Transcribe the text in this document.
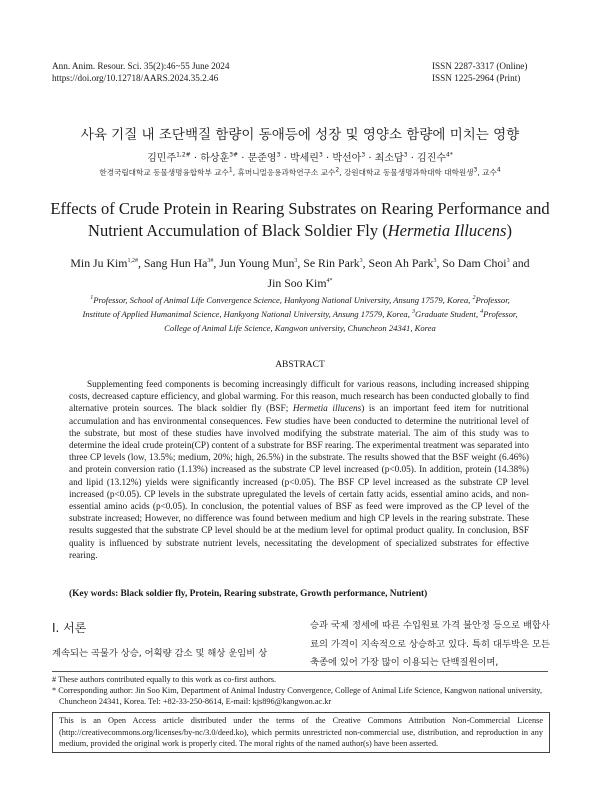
Ann. Anim. Resour. Sci. 35(2):46~55 June 2024
https://doi.org/10.12718/AARS.2024.35.2.46
ISSN 2287-3317 (Online)
ISSN 1225-2964 (Print)
사육 기질 내 조단백질 함량이 동애등에 성장 및 영양소 함량에 미치는 영향
김민주$^{1,2\#}$ · 하상훈$^{3\#}$ · 문준영$^3$ · 박세린$^3$ · 박선아$^3$ · 최소담$^3$ · 김진수$^{4*}$
한경국립대학교 동물생명융합학부 교수$^1$, 휴머니멀응용과학연구소 교수$^2$, 강원대학교 동물생명과학대학 대학원생$^3$, 교수$^4$
Effects of Crude Protein in Rearing Substrates on Rearing Performance and
Nutrient Accumulation of Black Soldier Fly (Hermetia Illucens)
Min Ju Kim$^{1,2\#}$, Sang Hun $Ha^{3\#}$, Jun Young Mun$^3$, Se Rin Park$^3$, Seon Ah Park$^3$, So Dam Choi$^3$ and
Jin Soo Kim$^{4*}$
$^1$Professor, School of Animal Life Convergence Science, Hankyong National University, Ansung 17579, Korea, $^2$Professor,
Institute of Applied Humanimal Science, Hankyong National University, Ansung 17579, Korea, $^3$Graduate Student, $^4$Professor,
College of Animal Life Science, Kangwon university, Chuncheon 24341, Korea
ABSTRACT

Supplementing feed components is becoming increasingly difficult for various reasons, including increased shipping costs, decreased capture efficiency, and global warming. For this reason, much research has been conducted globally to find alternative protein sources. The black soldier fly (BSF; Hermetia illucens) is an important feed item for nutritional accumulation and has environmental consequences. Few studies have been conducted to determine the nutritional level of the substrate, but most of these studies have involved modifying the substrate material. The aim of this study was to determine the ideal crude protein(CP) content of a substrate for BSF rearing. The experimental treatment was separated into three CP levels (low, 13.5%; medium, 20%; high, 26.5%) in the substrate. The results showed that the BSF weight (6.46%) and protein conversion ratio (1.13%) increased as the substrate CP level increased (p<0.05). In addition, protein (14.38%) and lipid (13.12%) yields were significantly increased (p<0.05). The BSF CP level increased as the substrate CP level increased (p<0.05). CP levels in the substrate upregulated the levels of certain fatty acids, essential amino acids, and non-essential amino acids (p<0.05). In conclusion, the potential values of BSF as feed were improved as the CP level of the substrate increased; However, no difference was found between medium and high CP levels in the rearing substrate. These results suggested that the substrate CP level should be at the medium level for optimal product quality. In conclusion, BSF quality is influenced by substrate nutrient levels, necessitating the development of specialized substrates for effective rearing.

(Key words: Black soldier fly, Protein, Rearing substrate, Growth performance, Nutrient)
Ⅰ. 서론
계속되는 곡물가 상승, 어획량 감소 및 해상 운임비 상
승과 국제 정세에 따른 수입원료 가격 불안정 등으로 배합사료의 가격이 지속적으로 상승하고 있다. 특히 대두박은 모든 축종에 있어 가장 많이 이용되는 단백질원이며,
# These authors contributed equally to this work as co-first authors.
* Corresponding author: Jin Soo Kim, Department of Animal Industry Convergence, College of Animal Life Science, Kangwon national university, Chuncheon 24341, Korea. Tel: +82-33-250-8614, E-mail: kjs896@kangwon.ac.kr
This is an Open Access article distributed under the terms of the Creative Commons Attribution Non-Commercial License (http://creativecommons.org/licenses/by-nc/3.0/deed.ko), which permits unrestricted non-commercial use, distribution, and reproduction in any medium, provided the original work is properly cited. The moral rights of the named author(s) have been asserted.
